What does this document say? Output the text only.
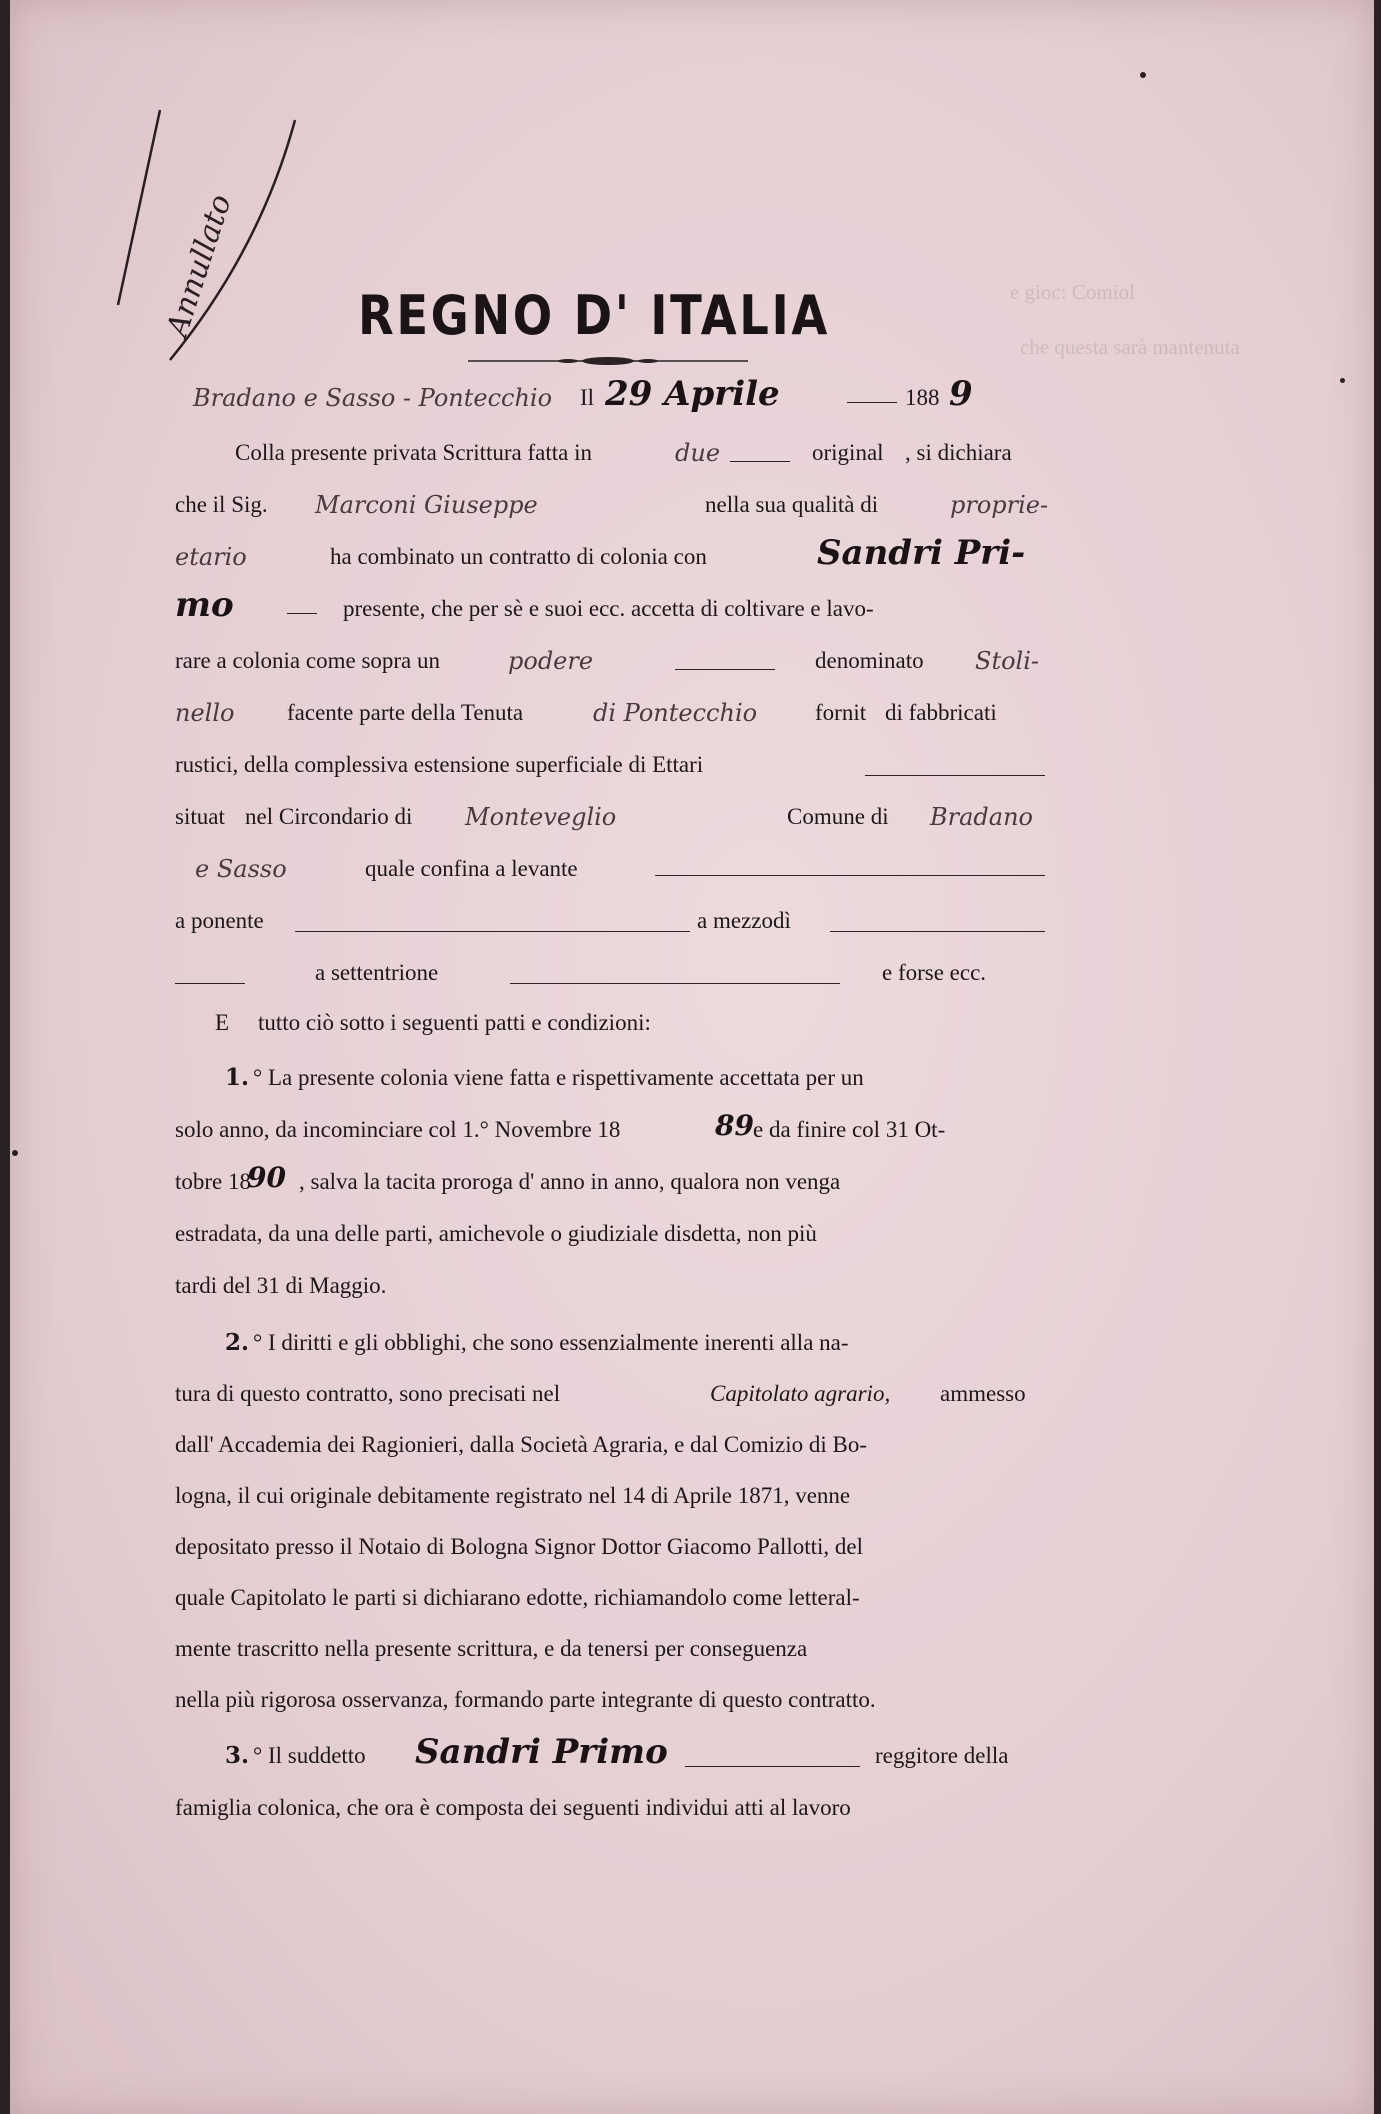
e gioc: Comiol
che questa sarà mantenuta
Annullato REGNO D' ITALIA
Bradano e Sasso - Pontecchio Il 29 Aprile	188 9
Colla presente privata Scrittura fatta in	due	original , si dichiara
che il Sig. Marconi Giuseppe	nella sua qualità di	proprie-
etario	ha combinato un contratto di colonia con	Sandri Pri-
mo	presente, che per sè e suoi ecc. accetta di coltivare e lavo-
rare a colonia come sopra un	podere	denominato Stoli-
nello facente parte della Tenuta	di Pontecchio	fornit di fabbricati
rustici, della complessiva estensione superficiale di Ettari
situat nel Circondario di Monteveglio	Comune di Bradano
e Sasso	quale confina a levante
a ponente	a mezzodì
a settentrione	e forse ecc.
E tutto ciò sotto i seguenti patti e condizioni:
1. ° La presente colonia viene fatta e rispettivamente accettata per un
solo anno, da incominciare col 1.° Novembre 18	89 e da finire col 31 Ot-
tobre 18
90 , salva la tacita proroga d' anno in anno, qualora non venga
estradata, da una delle parti, amichevole o giudiziale disdetta, non più
tardi del 31 di Maggio.
2. ° I diritti e gli obblighi, che sono essenzialmente inerenti alla na-
tura di questo contratto, sono precisati nel	Capitolato agrario, ammesso
dall' Accademia dei Ragionieri, dalla Società Agraria, e dal Comizio di Bo-
logna, il cui originale debitamente registrato nel 14 di Aprile 1871, venne
depositato presso il Notaio di Bologna Signor Dottor Giacomo Pallotti, del
quale Capitolato le parti si dichiarano edotte, richiamandolo come letteral-
mente trascritto nella presente scrittura, e da tenersi per conseguenza
nella più rigorosa osservanza, formando parte integrante di questo contratto.
3. ° Il suddetto Sandri Primo	reggitore della
famiglia colonica, che ora è composta dei seguenti individui atti al lavoro
